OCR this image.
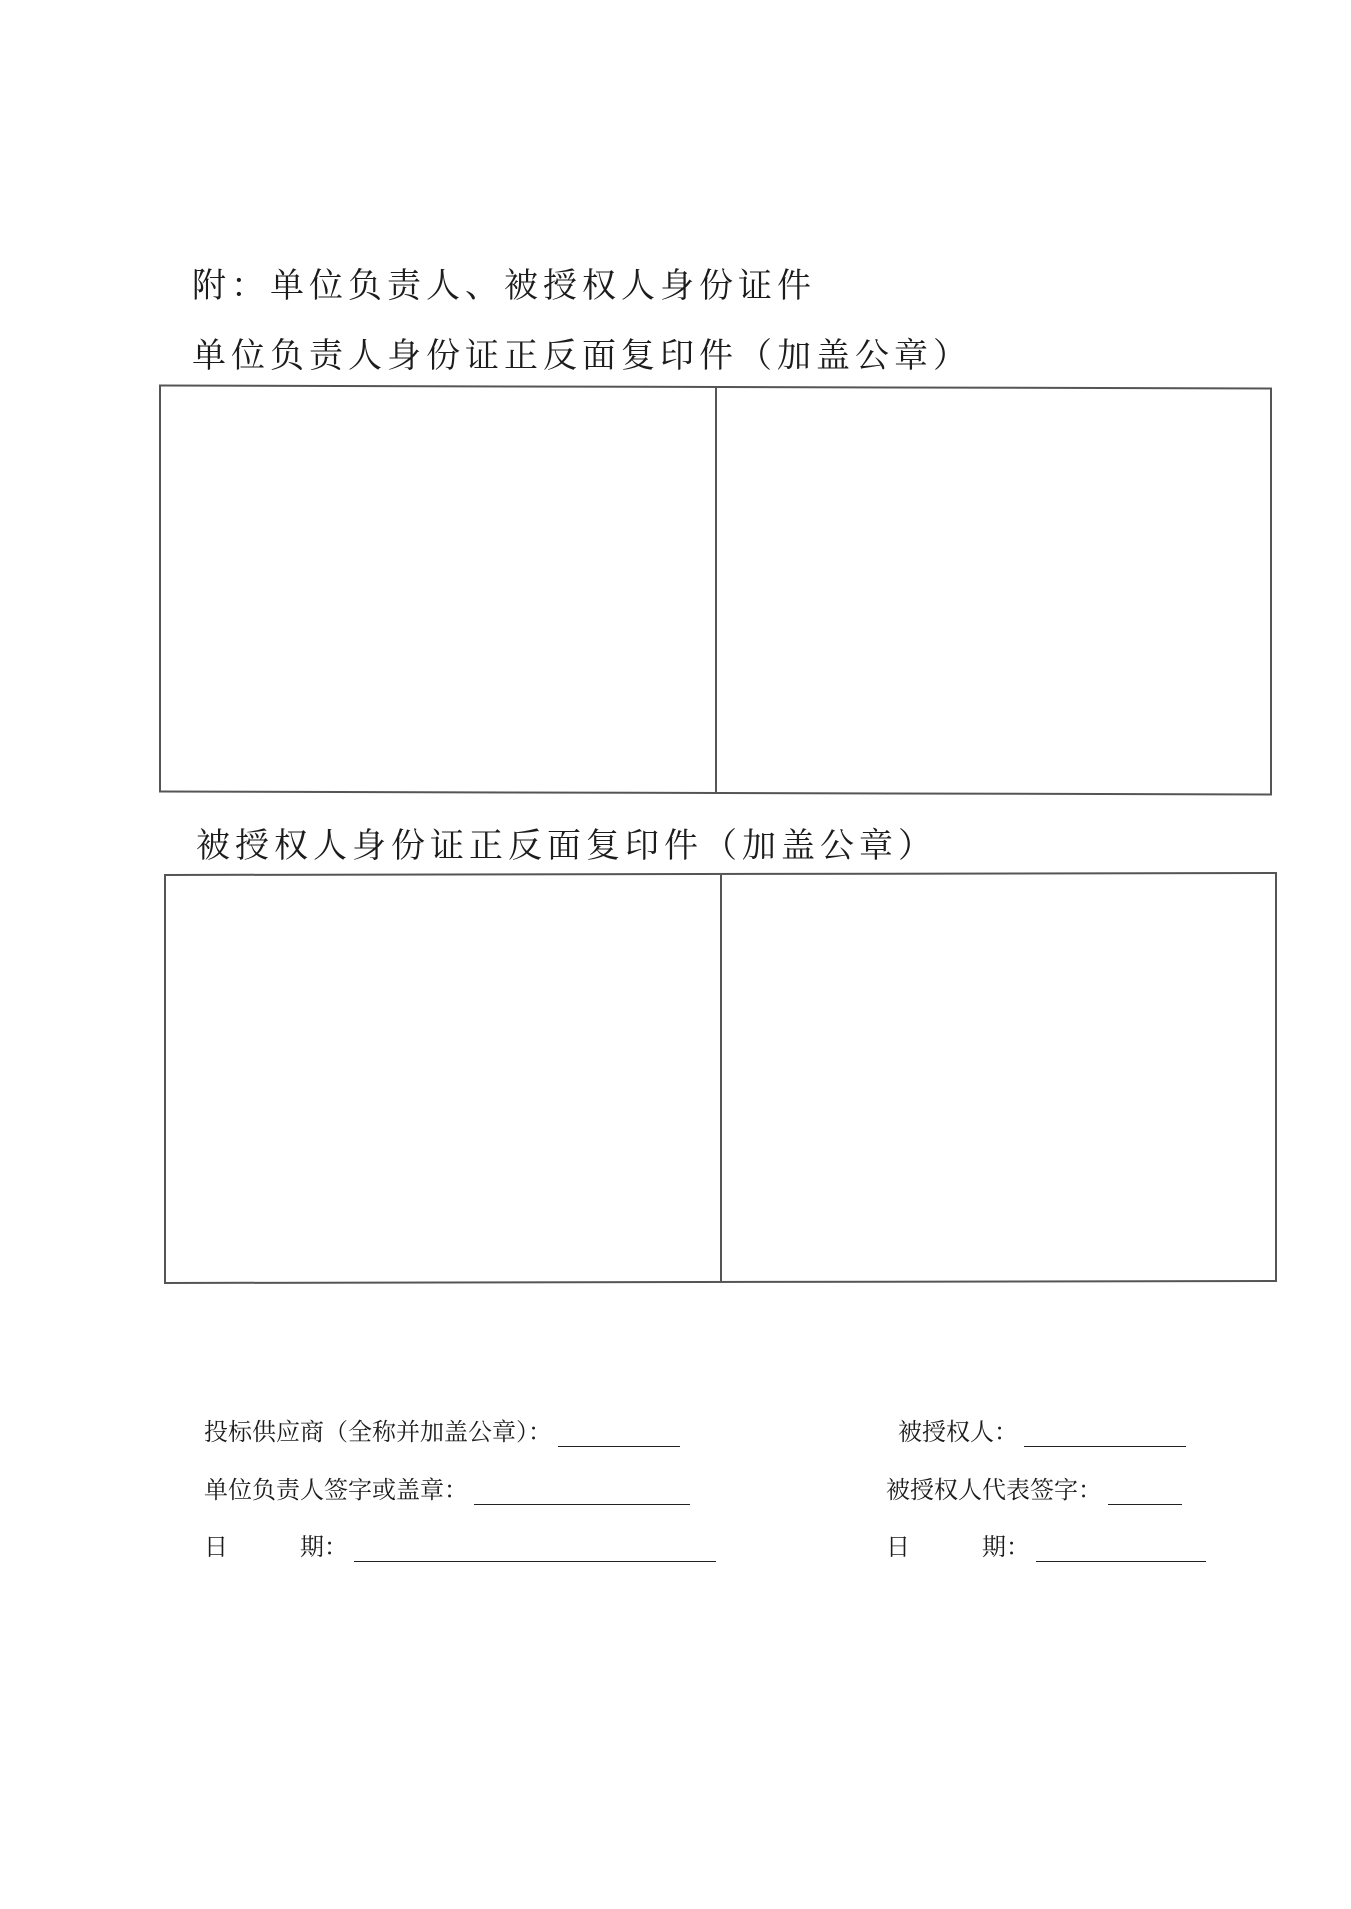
附：单位负责人、被授权人身份证件
单位负责人身份证正反面复印件（加盖公章）
被授权人身份证正反面复印件（加盖公章）
投标供应商（全称并加盖公章）：
单位负责人签字或盖章：
日	期：
被授权人：
被授权人代表签字：
日	期：
